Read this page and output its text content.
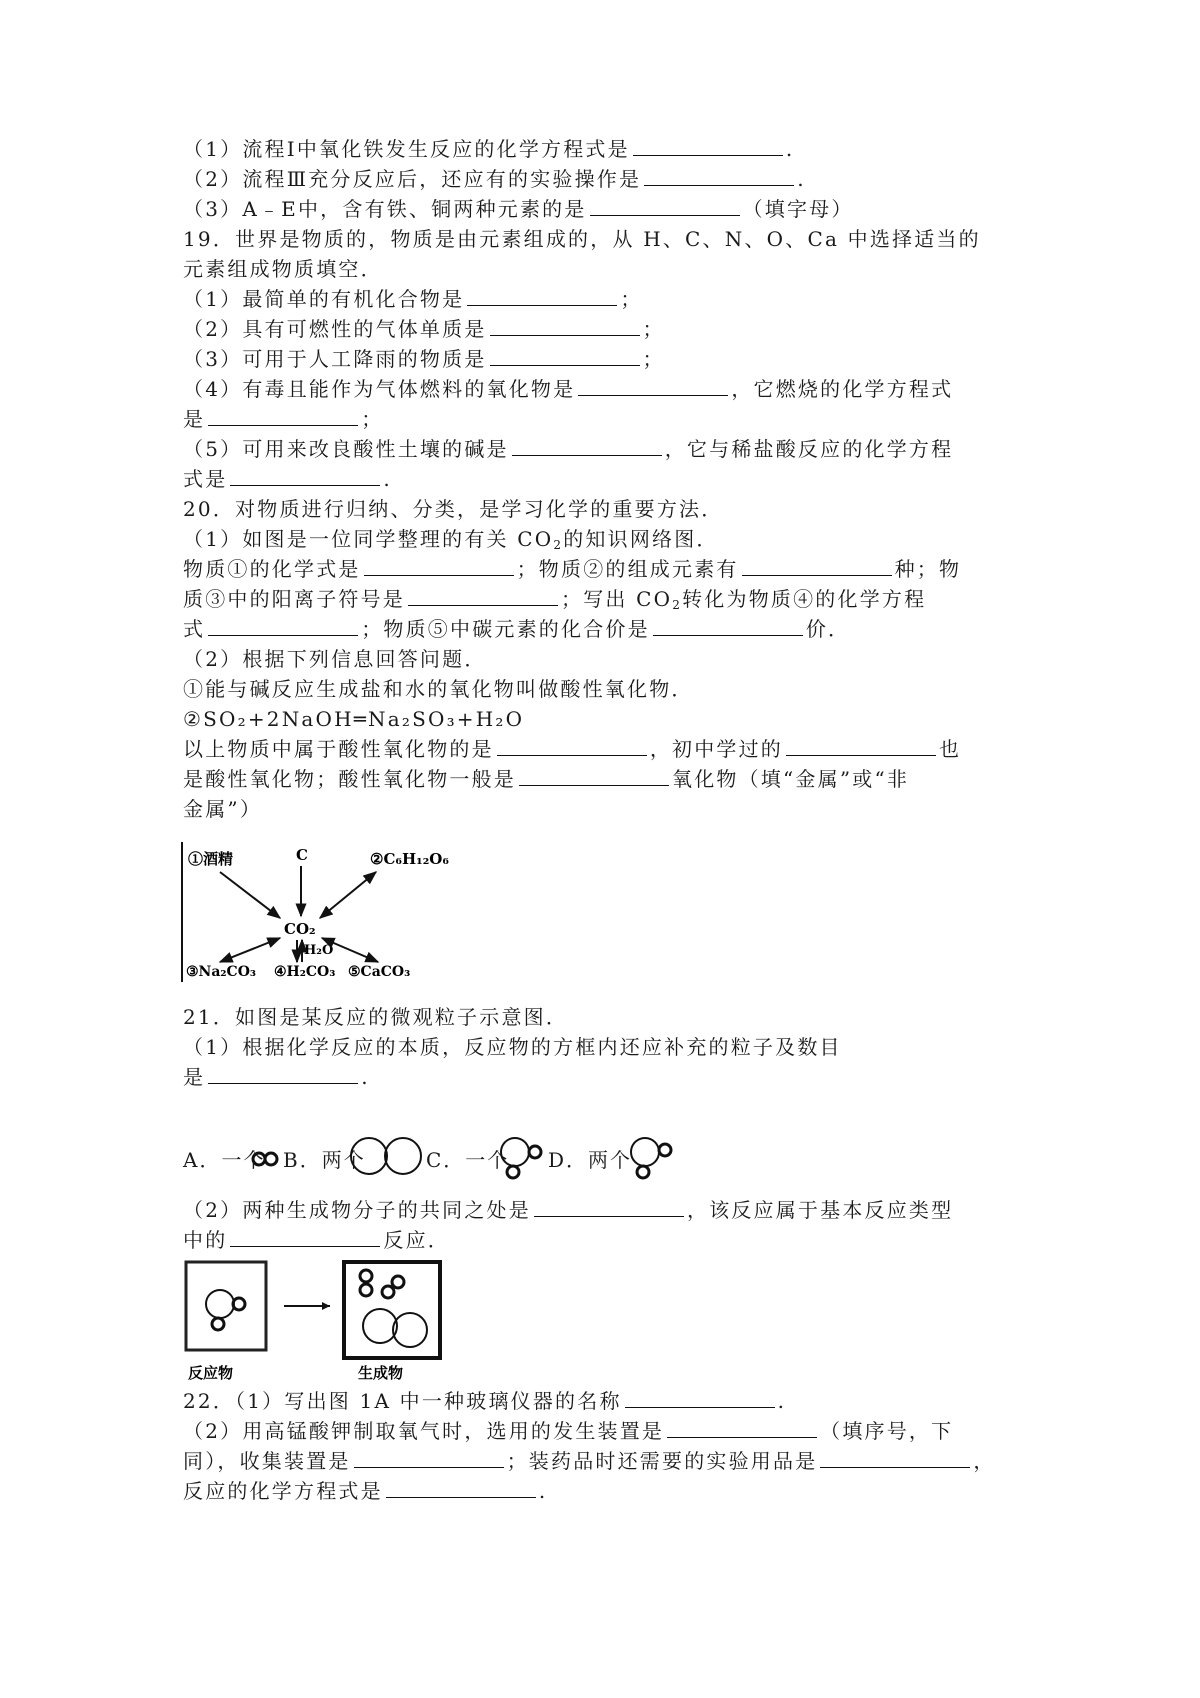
（1）流程Ⅰ中氧化铁发生反应的化学方程式是	.
（2）流程Ⅲ充分反应后，还应有的实验操作是	.
（3）A﹣E中，含有铁、铜两种元素的是	（填字母）
19．世界是物质的，物质是由元素组成的，从 H、C、N、O、Ca 中选择适当的
元素组成物质填空．
（1）最简单的有机化合物是	；
（2）具有可燃性的气体单质是	；
（3）可用于人工降雨的物质是	；
（4）有毒且能作为气体燃料的氧化物是	，它燃烧的化学方程式
是	；
（5）可用来改良酸性土壤的碱是	，它与稀盐酸反应的化学方程
式是	.
20．对物质进行归纳、分类，是学习化学的重要方法．
（1）如图是一位同学整理的有关 $CO_2$的知识网络图．
物质①的化学式是	；物质②的组成元素有	种；物
质③中的阳离子符号是	；写出 $CO_2$转化为物质④的化学方程
式	；物质⑤中碳元素的化合价是	价．
（2）根据下列信息回答问题．
①能与碱反应生成盐和水的氧化物叫做酸性氧化物．
②SO₂+2NaOH═Na₂SO₃+H₂O
以上物质中属于酸性氧化物的是	，初中学过的	也
是酸性氧化物；酸性氧化物一般是	氧化物（填“金属”或“非
金属”）
①酒精	C	②C₆H₁₂O₆
CO₂
H₂O
③Na₂CO₃ ④H₂CO₃ ⑤CaCO₃
21．如图是某反应的微观粒子示意图．
（1）根据化学反应的本质，反应物的方框内还应补充的粒子及数目
是	.
A．一个 B．两个	C．一个 D．两个
（2）两种生成物分子的共同之处是	，该反应属于基本反应类型
中的	反应．
反应物	生成物
22．（1）写出图 1A 中一种玻璃仪器的名称	.
（2）用高锰酸钾制取氧气时，选用的发生装置是	（填序号，下
同），收集装置是	；装药品时还需要的实验用品是	，
反应的化学方程式是	.
